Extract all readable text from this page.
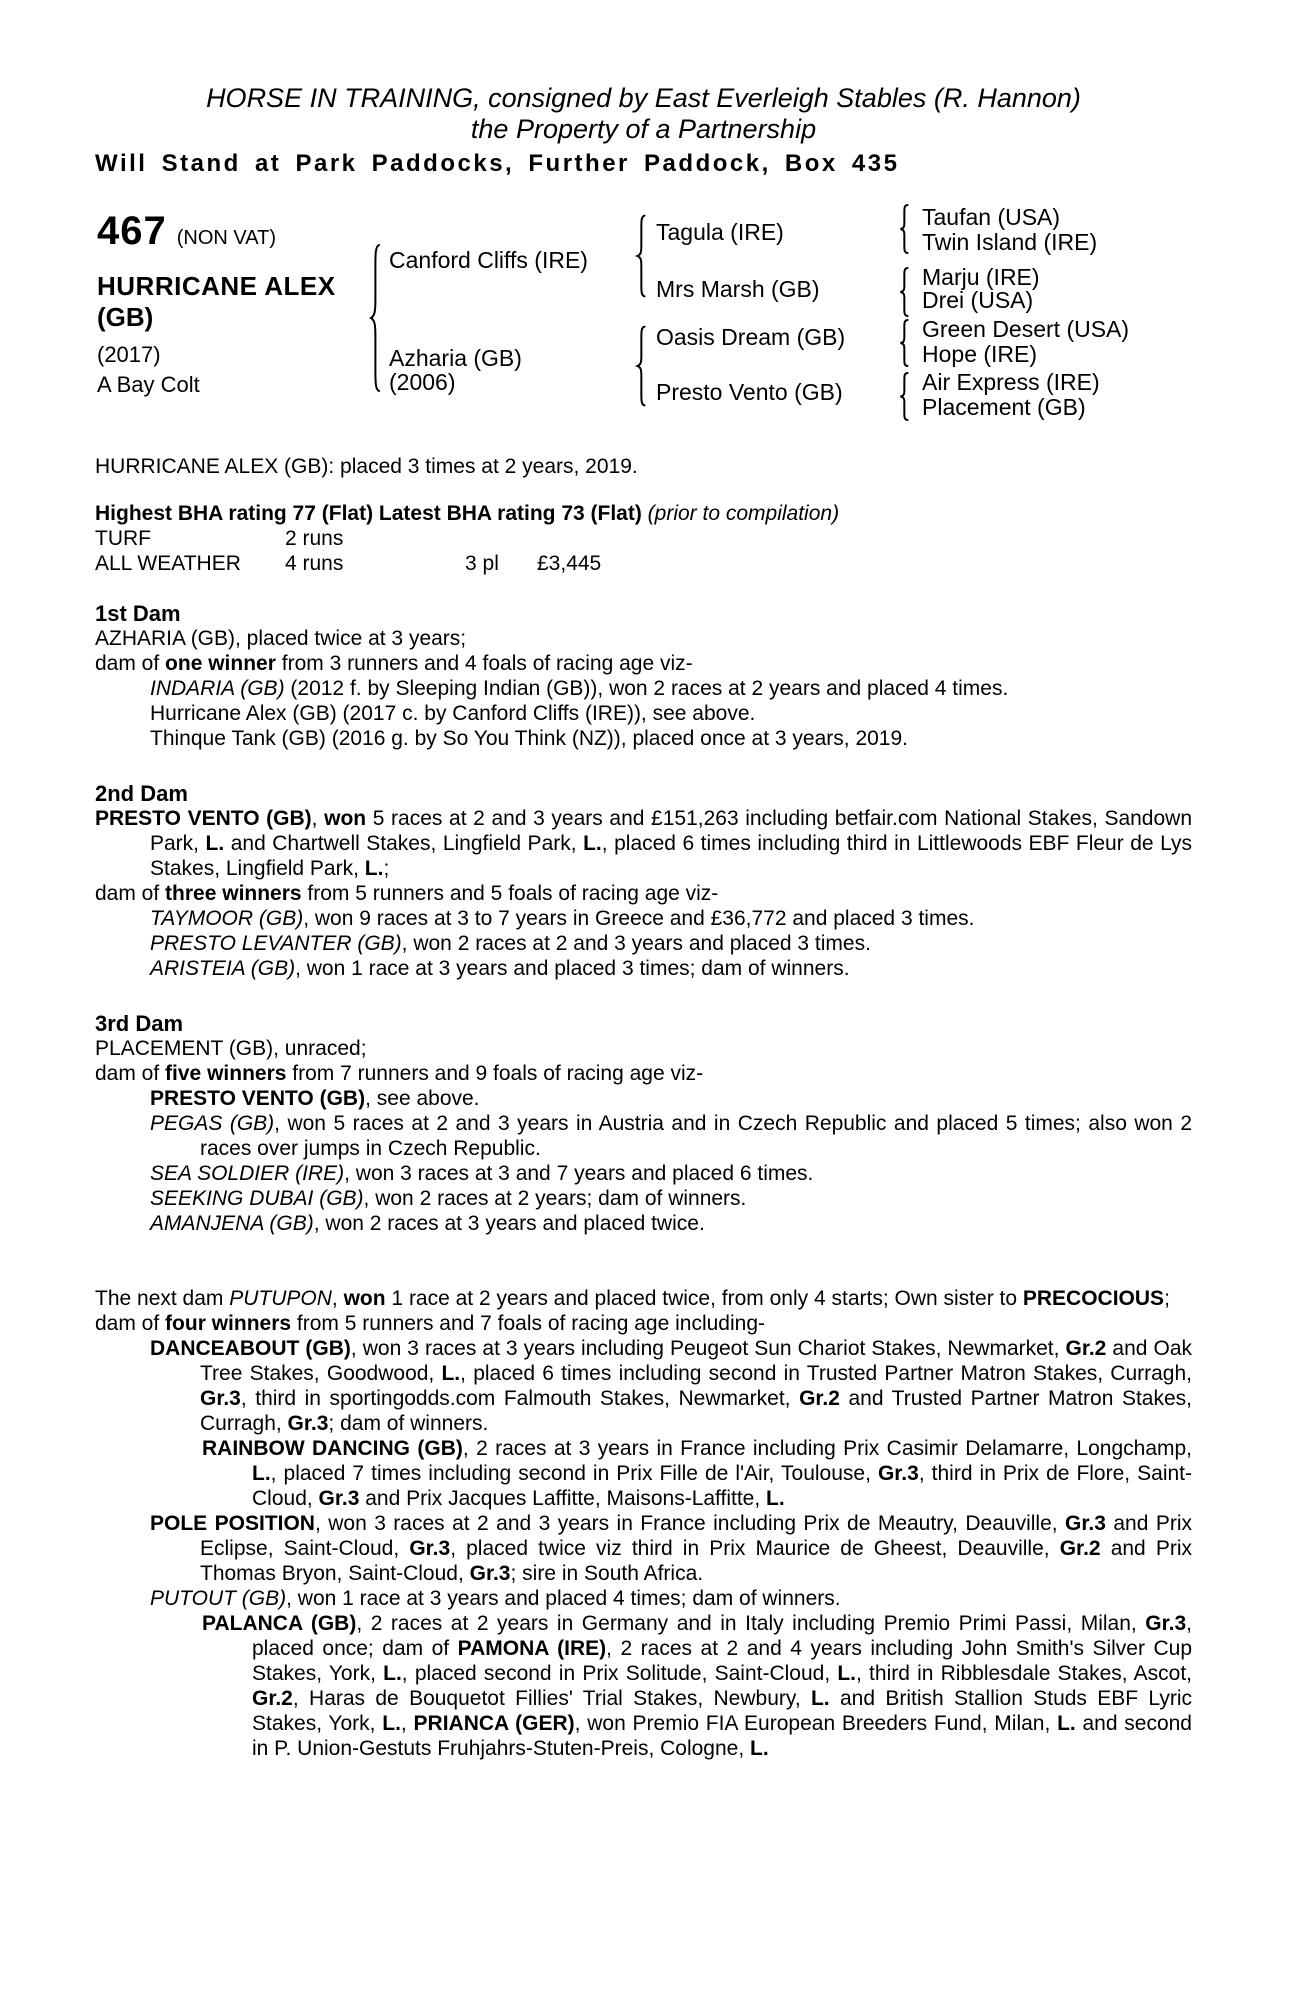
HORSE IN TRAINING, consigned by East Everleigh Stables (R. Hannon)
the Property of a Partnership
Will Stand at Park Paddocks, Further Paddock, Box 435
467 (NON VAT)
HURRICANE ALEX
(GB)
(2017)
A Bay Colt
Canford Cliffs (IRE)
Azharia (GB)
(2006)
Tagula (IRE)
Mrs Marsh (GB)
Oasis Dream (GB)
Presto Vento (GB)
Taufan (USA)
Twin Island (IRE)
Marju (IRE)
Drei (USA)
Green Desert (USA)
Hope (IRE)
Air Express (IRE)
Placement (GB)
HURRICANE ALEX (GB): placed 3 times at 2 years, 2019.
Highest BHA rating 77 (Flat) Latest BHA rating 73 (Flat) (prior to compilation)
TURF	2 runs
ALL WEATHER	4 runs	3 pl	£3,445
1st Dam
AZHARIA (GB), placed twice at 3 years;
dam of one winner from 3 runners and 4 foals of racing age viz-
INDARIA (GB) (2012 f. by Sleeping Indian (GB)), won 2 races at 2 years and placed 4 times.
Hurricane Alex (GB) (2017 c. by Canford Cliffs (IRE)), see above.
Thinque Tank (GB) (2016 g. by So You Think (NZ)), placed once at 3 years, 2019.
2nd Dam
PRESTO VENTO (GB), won 5 races at 2 and 3 years and £151,263 including betfair.com National Stakes, Sandown Park, L. and Chartwell Stakes, Lingfield Park, L., placed 6 times including third in Littlewoods EBF Fleur de Lys Stakes, Lingfield Park, L.;
dam of three winners from 5 runners and 5 foals of racing age viz-
TAYMOOR (GB), won 9 races at 3 to 7 years in Greece and £36,772 and placed 3 times.
PRESTO LEVANTER (GB), won 2 races at 2 and 3 years and placed 3 times.
ARISTEIA (GB), won 1 race at 3 years and placed 3 times; dam of winners.
3rd Dam
PLACEMENT (GB), unraced;
dam of five winners from 7 runners and 9 foals of racing age viz-
PRESTO VENTO (GB), see above.
PEGAS (GB), won 5 races at 2 and 3 years in Austria and in Czech Republic and placed 5 times; also won 2 races over jumps in Czech Republic.
SEA SOLDIER (IRE), won 3 races at 3 and 7 years and placed 6 times.
SEEKING DUBAI (GB), won 2 races at 2 years; dam of winners.
AMANJENA (GB), won 2 races at 3 years and placed twice.
The next dam PUTUPON, won 1 race at 2 years and placed twice, from only 4 starts; Own sister to PRECOCIOUS;
dam of four winners from 5 runners and 7 foals of racing age including-
DANCEABOUT (GB), won 3 races at 3 years including Peugeot Sun Chariot Stakes, Newmarket, Gr.2 and Oak Tree Stakes, Goodwood, L., placed 6 times including second in Trusted Partner Matron Stakes, Curragh, Gr.3, third in sportingodds.com Falmouth Stakes, Newmarket, Gr.2 and Trusted Partner Matron Stakes, Curragh, Gr.3; dam of winners.
RAINBOW DANCING (GB), 2 races at 3 years in France including Prix Casimir Delamarre, Longchamp, L., placed 7 times including second in Prix Fille de l'Air, Toulouse, Gr.3, third in Prix de Flore, Saint-Cloud, Gr.3 and Prix Jacques Laffitte, Maisons-Laffitte, L.
POLE POSITION, won 3 races at 2 and 3 years in France including Prix de Meautry, Deauville, Gr.3 and Prix Eclipse, Saint-Cloud, Gr.3, placed twice viz third in Prix Maurice de Gheest, Deauville, Gr.2 and Prix Thomas Bryon, Saint-Cloud, Gr.3; sire in South Africa.
PUTOUT (GB), won 1 race at 3 years and placed 4 times; dam of winners.
PALANCA (GB), 2 races at 2 years in Germany and in Italy including Premio Primi Passi, Milan, Gr.3, placed once; dam of PAMONA (IRE), 2 races at 2 and 4 years including John Smith's Silver Cup Stakes, York, L., placed second in Prix Solitude, Saint-Cloud, L., third in Ribblesdale Stakes, Ascot, Gr.2, Haras de Bouquetot Fillies' Trial Stakes, Newbury, L. and British Stallion Studs EBF Lyric Stakes, York, L., PRIANCA (GER), won Premio FIA European Breeders Fund, Milan, L. and second in P. Union-Gestuts Fruhjahrs-Stuten-Preis, Cologne, L.
